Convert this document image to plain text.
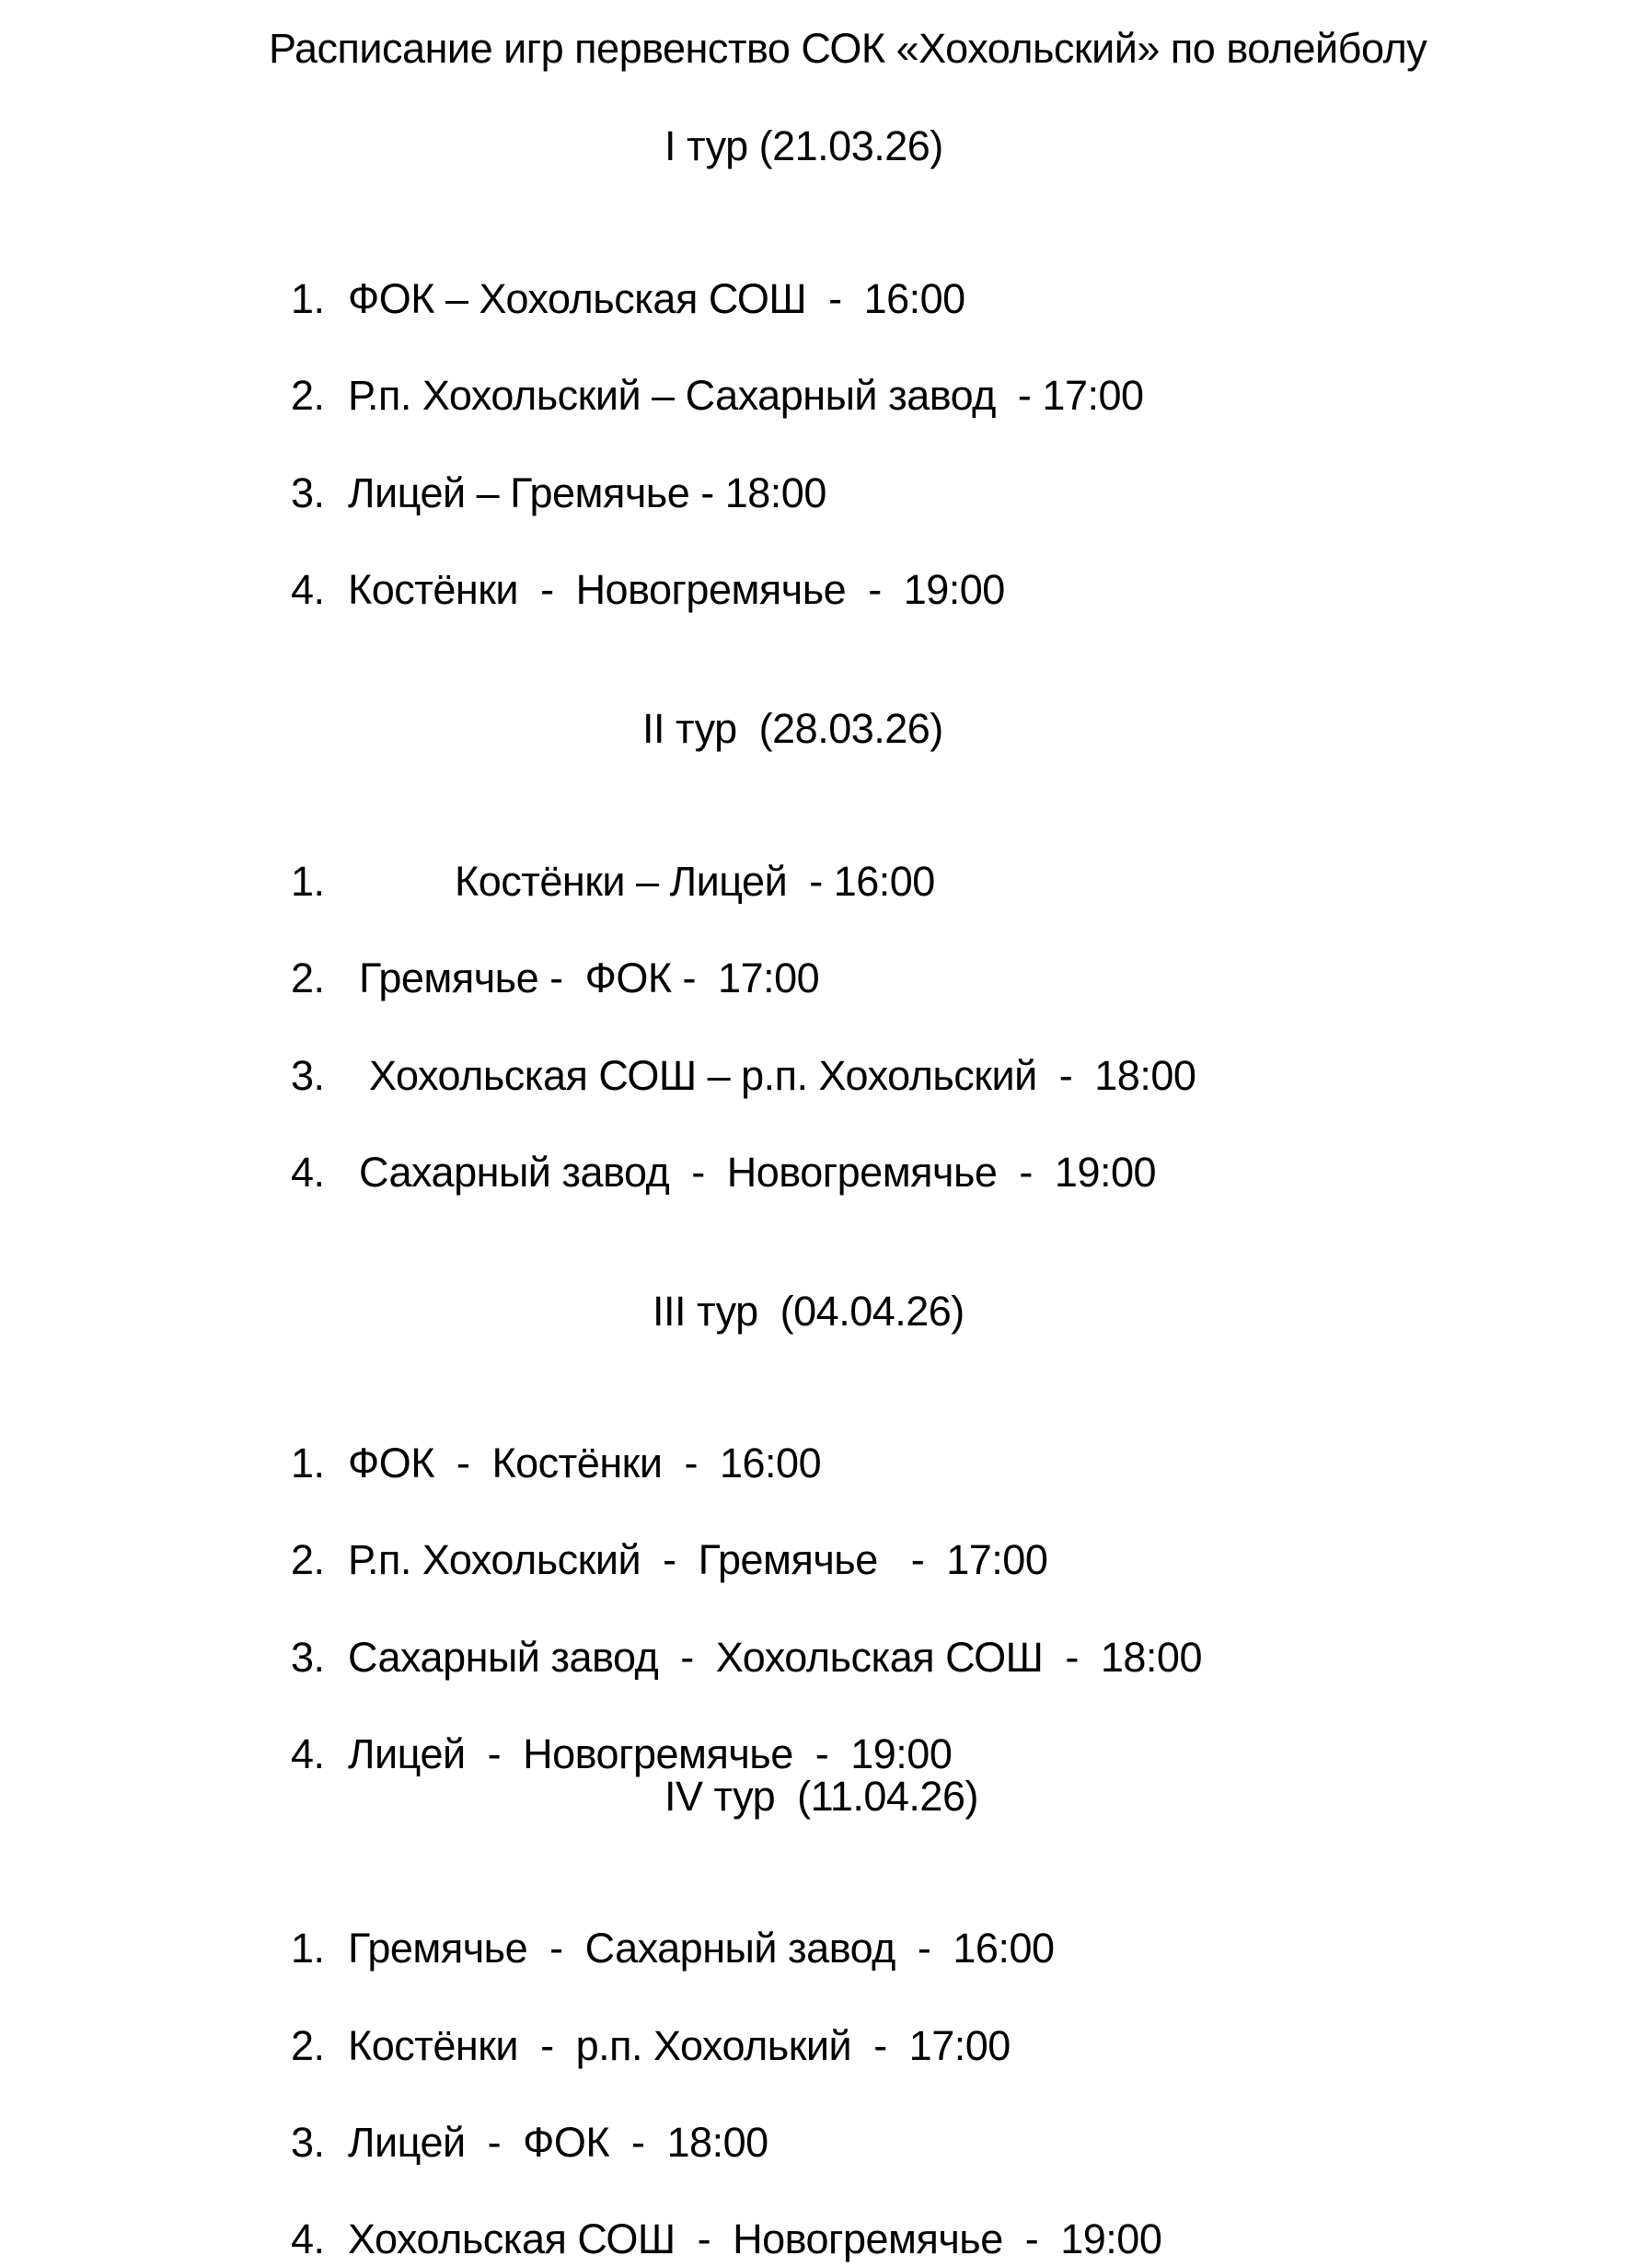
Расписание игр первенство СОК «Хохольский» по волейболу
I тур (21.03.26)

1. ФОК – Хохольская СОШ  -  16:00

2. Р.п. Хохольский – Сахарный завод  - 17:00

3. Лицей – Гремячье - 18:00

4. Костёнки  -  Новогремячье  -  19:00

II тур  (28.03.26)

1.	Костёнки – Лицей  - 16:00

2. Гремячье -  ФОК -  17:00

3. Хохольская СОШ – р.п. Хохольский  -  18:00

4. Сахарный завод  -  Новогремячье  -  19:00

III тур  (04.04.26)

1. ФОК  -  Костёнки  -  16:00

2. Р.п. Хохольский  -  Гремячье   -  17:00

3. Сахарный завод  -  Хохольская СОШ  -  18:00

4. Лицей  -  Новогремячье  -  19:00

IV тур  (11.04.26)

1. Гремячье  -  Сахарный завод  -  16:00

2. Костёнки  -  р.п. Хохолький  -  17:00

3. Лицей  -  ФОК  -  18:00

4. Хохольская СОШ  -  Новогремячье  -  19:00
